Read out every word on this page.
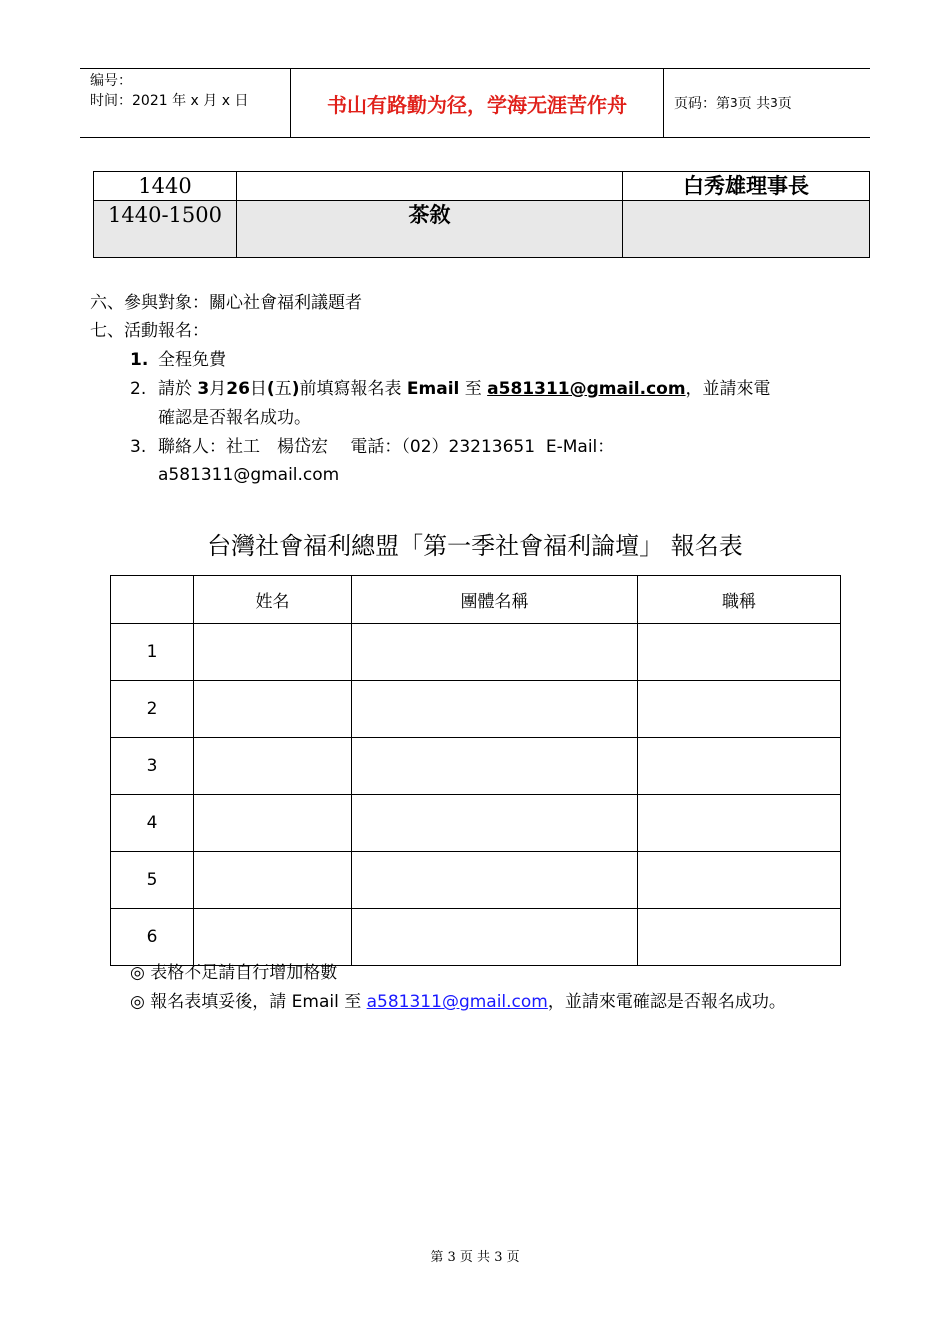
编号：
时间：2021 年 x 月 x 日	书山有路勤为径，学海无涯苦作舟	页码：第 3 页 共 3 页
1440		白秀雄理事長
1440-1500	茶敘	
六、參與對象：關心社會福利議題者
七、活動報名：
1. 全程免費
2. 請於 3月26日(五)前填寫報名表 Email 至 a581311@gmail.com，並請來電
確認是否報名成功。
3. 聯絡人：社工　楊岱宏　 電話：（02）23213651  E-Mail：
a581311@gmail.com
台灣社會福利總盟「第一季社會福利論壇」 報名表
	姓名	團體名稱	職稱
1			
2			
3			
4			
5			
6			
◎ 表格不足請自行增加格數
◎ 報名表填妥後，請 Email 至 a581311@gmail.com，並請來電確認是否報名成功。
第 3 页 共 3 页
